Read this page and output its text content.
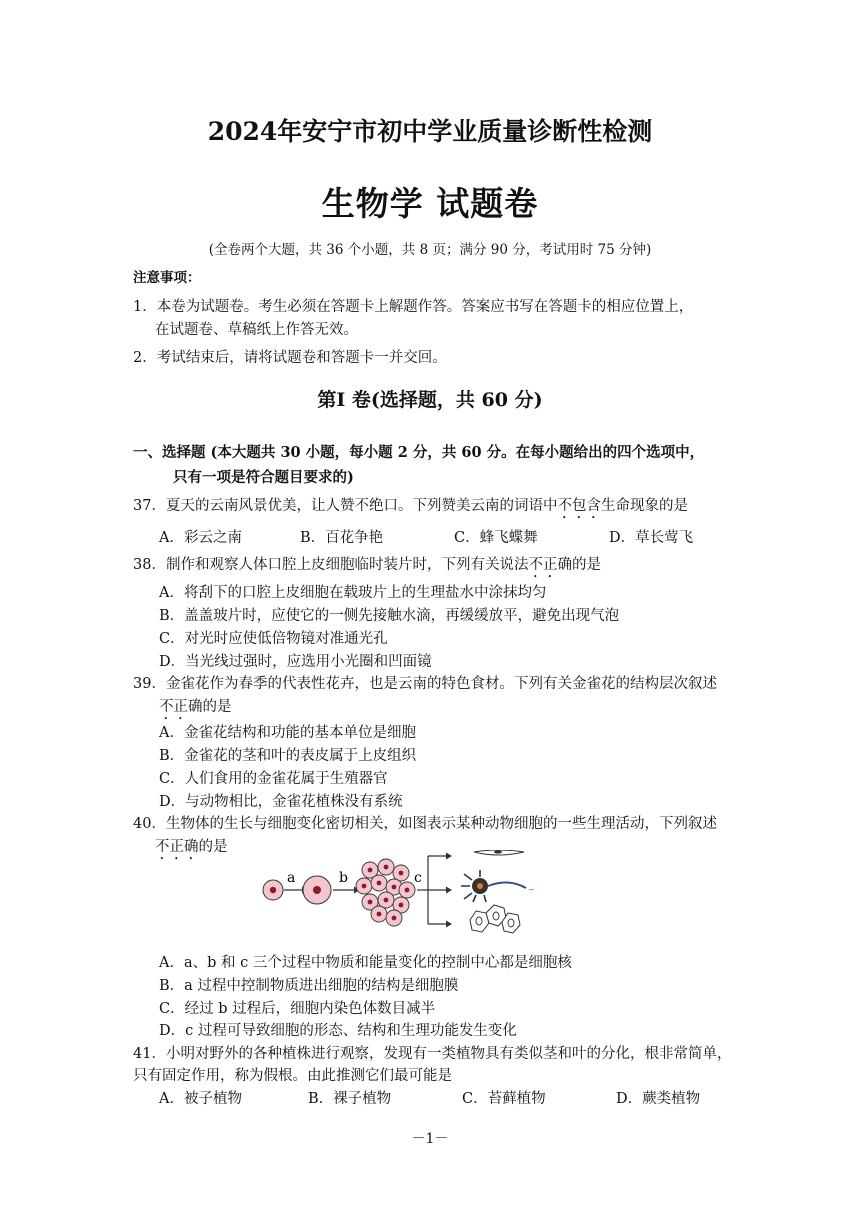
2024年安宁市初中学业质量诊断性检测
生物学 试题卷
(全卷两个大题，共 36 个小题，共 8 页；满分 90 分，考试用时 75 分钟)
注意事项：
1．本卷为试题卷。考生必须在答题卡上解题作答。答案应书写在答题卡的相应位置上，
在试题卷、草稿纸上作答无效。
2．考试结束后，请将试题卷和答题卡一并交回。
第I 卷(选择题，共 60 分)
一、选择题 (本大题共 30 小题，每小题 2 分，共 60 分。在每小题给出的四个选项中，
只有一项是符合题目要求的)
37．夏天的云南风景优美，让人赞不绝口。下列赞美云南的词语中不包含生命现象的是
A．彩云之南	B．百花争艳	C．蜂飞蝶舞	D．草长莺飞
38．制作和观察人体口腔上皮细胞临时装片时，下列有关说法不正确的是
A．将刮下的口腔上皮细胞在载玻片上的生理盐水中涂抹均匀
B．盖盖玻片时，应使它的一侧先接触水滴，再缓缓放平，避免出现气泡
C．对光时应使低倍物镜对准通光孔
D．当光线过强时，应选用小光圈和凹面镜
39．金雀花作为春季的代表性花卉，也是云南的特色食材。下列有关金雀花的结构层次叙述
不正确的是
A．金雀花结构和功能的基本单位是细胞
B．金雀花的茎和叶的表皮属于上皮组织
C．人们食用的金雀花属于生殖器官
D．与动物相比，金雀花植株没有系统
40．生物体的生长与细胞变化密切相关，如图表示某种动物细胞的一些生理活动，下列叙述
不正确的是
a	b	c
~
A．a、b 和 c 三个过程中物质和能量变化的控制中心都是细胞核
B．a 过程中控制物质进出细胞的结构是细胞膜
C．经过 b 过程后，细胞内染色体数目减半
D．c 过程可导致细胞的形态、结构和生理功能发生变化
41．小明对野外的各种植株进行观察，发现有一类植物具有类似茎和叶的分化，根非常简单，
只有固定作用，称为假根。由此推测它们最可能是
A．被子植物	B．裸子植物	C．苔藓植物	D．蕨类植物
－1－
